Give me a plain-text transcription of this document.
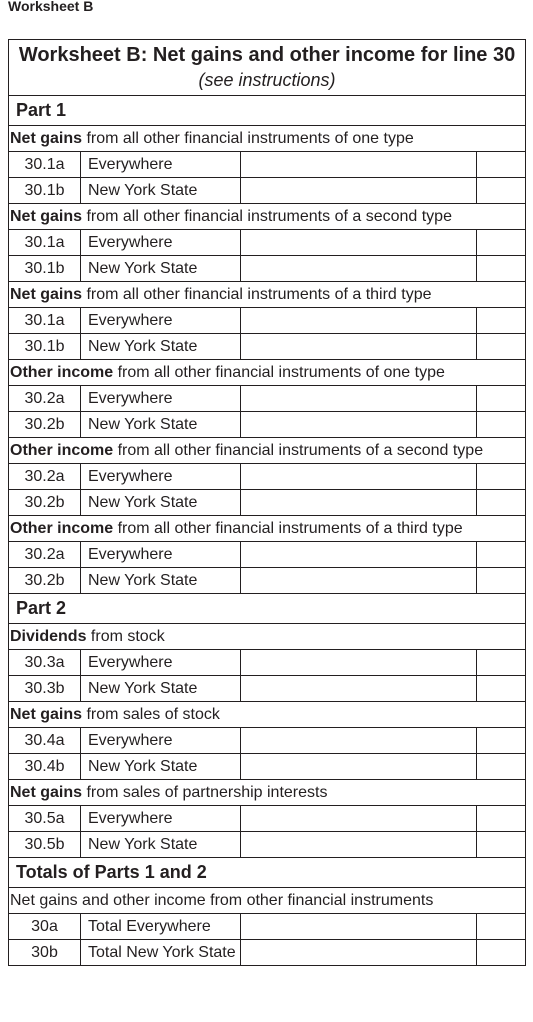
Worksheet B
Worksheet B: Net gains and other income for line 30 (see instructions)			
Part 1			
Net gains from all other financial instruments of one type			
30.1a	Everywhere		
30.1b	New York State		
Net gains from all other financial instruments of a second type			
30.1a	Everywhere		
30.1b	New York State		
Net gains from all other financial instruments of a third type			
30.1a	Everywhere		
30.1b	New York State		
Other income from all other financial instruments of one type			
30.2a	Everywhere		
30.2b	New York State		
Other income from all other financial instruments of a second type			
30.2a	Everywhere		
30.2b	New York State		
Other income from all other financial instruments of a third type			
30.2a	Everywhere		
30.2b	New York State		
Part 2			
Dividends from stock			
30.3a	Everywhere		
30.3b	New York State		
Net gains from sales of stock			
30.4a	Everywhere		
30.4b	New York State		
Net gains from sales of partnership interests			
30.5a	Everywhere		
30.5b	New York State		
Totals of Parts 1 and 2			
Net gains and other income from other financial instruments			
30a	Total Everywhere		
30b	Total New York State		
